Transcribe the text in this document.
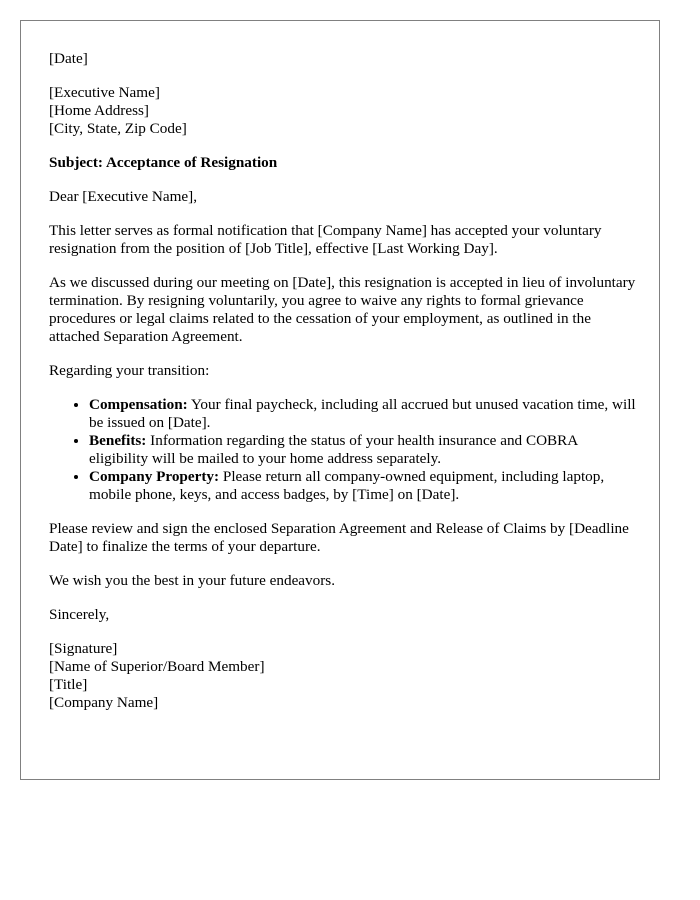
[Date]

[Executive Name]
[Home Address]
[City, State, Zip Code]

Subject: Acceptance of Resignation

Dear [Executive Name],

This letter serves as formal notification that [Company Name] has accepted your voluntary resignation from the position of [Job Title], effective [Last Working Day].

As we discussed during our meeting on [Date], this resignation is accepted in lieu of involuntary termination. By resigning voluntarily, you agree to waive any rights to formal grievance procedures or legal claims related to the cessation of your employment, as outlined in the attached Separation Agreement.

Regarding your transition:

• Compensation: Your final paycheck, including all accrued but unused vacation time, will be issued on [Date].
• Benefits: Information regarding the status of your health insurance and COBRA eligibility will be mailed to your home address separately.
• Company Property: Please return all company-owned equipment, including laptop, mobile phone, keys, and access badges, by [Time] on [Date].

Please review and sign the enclosed Separation Agreement and Release of Claims by [Deadline Date] to finalize the terms of your departure.

We wish you the best in your future endeavors.

Sincerely,

[Signature]
[Name of Superior/Board Member]
[Title]
[Company Name]
